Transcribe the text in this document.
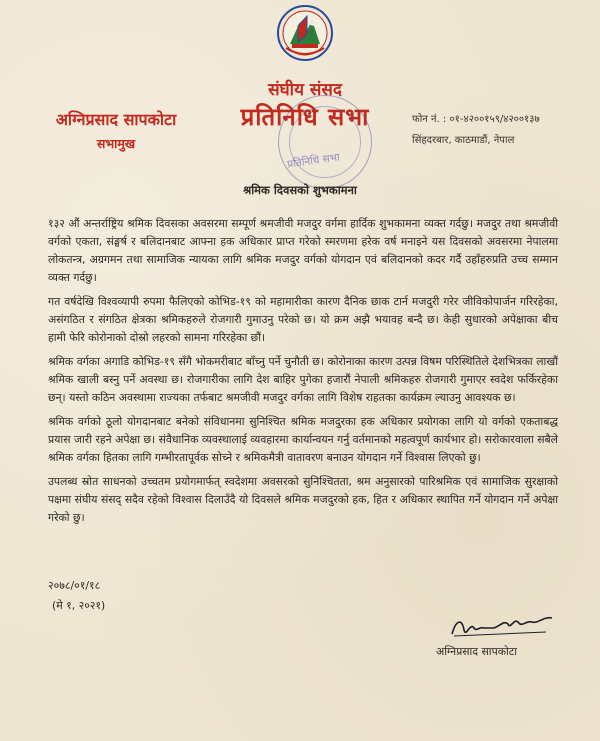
अग्निप्रसाद सापकोटा
सभामुख
संघीय संसद
प्रतिनिधि सभा
प्रतिनिधि सभा
फोन नं. : ०१-४२००१५९/४२००१३७
सिंहदरबार, काठमाडौं, नेपाल
श्रमिक दिवसको शुभकामना

१३२ औं अन्तर्राष्ट्रिय श्रमिक दिवसका अवसरमा सम्पूर्ण श्रमजीवी मजदुर वर्गमा हार्दिक शुभकामना व्यक्त गर्दछु। मजदुर तथा श्रमजीवी वर्गको एकता, संङ्घर्ष र बलिदानबाट आफ्ना हक अधिकार प्राप्त गरेको स्मरणमा हरेक वर्ष मनाइने यस दिवसको अवसरमा नेपालमा लोकतन्त्र, अग्रगमन तथा सामाजिक न्यायका लागि श्रमिक मजदुर वर्गको योगदान एवं बलिदानको कदर गर्दै उहाँहरुप्रति उच्च सम्मान व्यक्त गर्दछु।

गत वर्षदेखि विश्वव्यापी रुपमा फैलिएको कोभिड-१९ को महामारीका कारण दैनिक छाक टार्न मजदुरी गरेर जीविकोपार्जन गरिरहेका, असंगठित र संगठित क्षेत्रका श्रमिकहरुले रोजगारी गुमाउनु परेको छ। यो क्रम अझै भयावह बन्दै छ। केही सुधारको अपेक्षाका बीच हामी फेरि कोरोनाको दोस्रो लहरको सामना गरिरहेका छौं।

श्रमिक वर्गका अगाडि कोभिड-१९ सँगै भोकमरीबाट बाँच्नु पर्ने चुनौती छ। कोरोनाका कारण उत्पन्न विषम परिस्थितिले देशभित्रका लाखौं श्रमिक खाली बस्नु पर्ने अवस्था छ। रोजगारीका लागि देश बाहिर पुगेका हजारौं नेपाली श्रमिकहरु रोजगारी गुमाएर स्वदेश फर्किरहेका छन्। यस्तो कठिन अवस्थामा राज्यका तर्फबाट श्रमजीवी मजदुर वर्गका लागि विशेष राहतका कार्यक्रम ल्याउनु आवश्यक छ।

श्रमिक वर्गको ठूलो योगदानबाट बनेको संविधानमा सुनिश्चित श्रमिक मजदुरका हक अधिकार प्रयोगका लागि यो वर्गको एकताबद्ध प्रयास जारी रहने अपेक्षा छ। संवैधानिक व्यवस्थालाई व्यवहारमा कार्यान्वयन गर्नु वर्तमानको महत्वपूर्ण कार्यभार हो। सरोकारवाला सबैले श्रमिक वर्गका हितका लागि गम्भीरतापूर्वक सोच्ने र श्रमिकमैत्री वातावरण बनाउन योगदान गर्ने विश्वास लिएको छु।

उपलब्ध स्रोत साधनको उच्चतम प्रयोगमार्फत् स्वदेशमा अवसरको सुनिश्चितता, श्रम अनुसारको पारिश्रमिक एवं सामाजिक सुरक्षाको पक्षमा संघीय संसद् सदैव रहेको विश्वास दिलाउँदै यो दिवसले श्रमिक मजदुरको हक, हित र अधिकार स्थापित गर्ने योगदान गर्ने अपेक्षा गरेको छु।

२०७८/०१/१८
(मे १, २०२१)
अग्निप्रसाद सापकोटा
